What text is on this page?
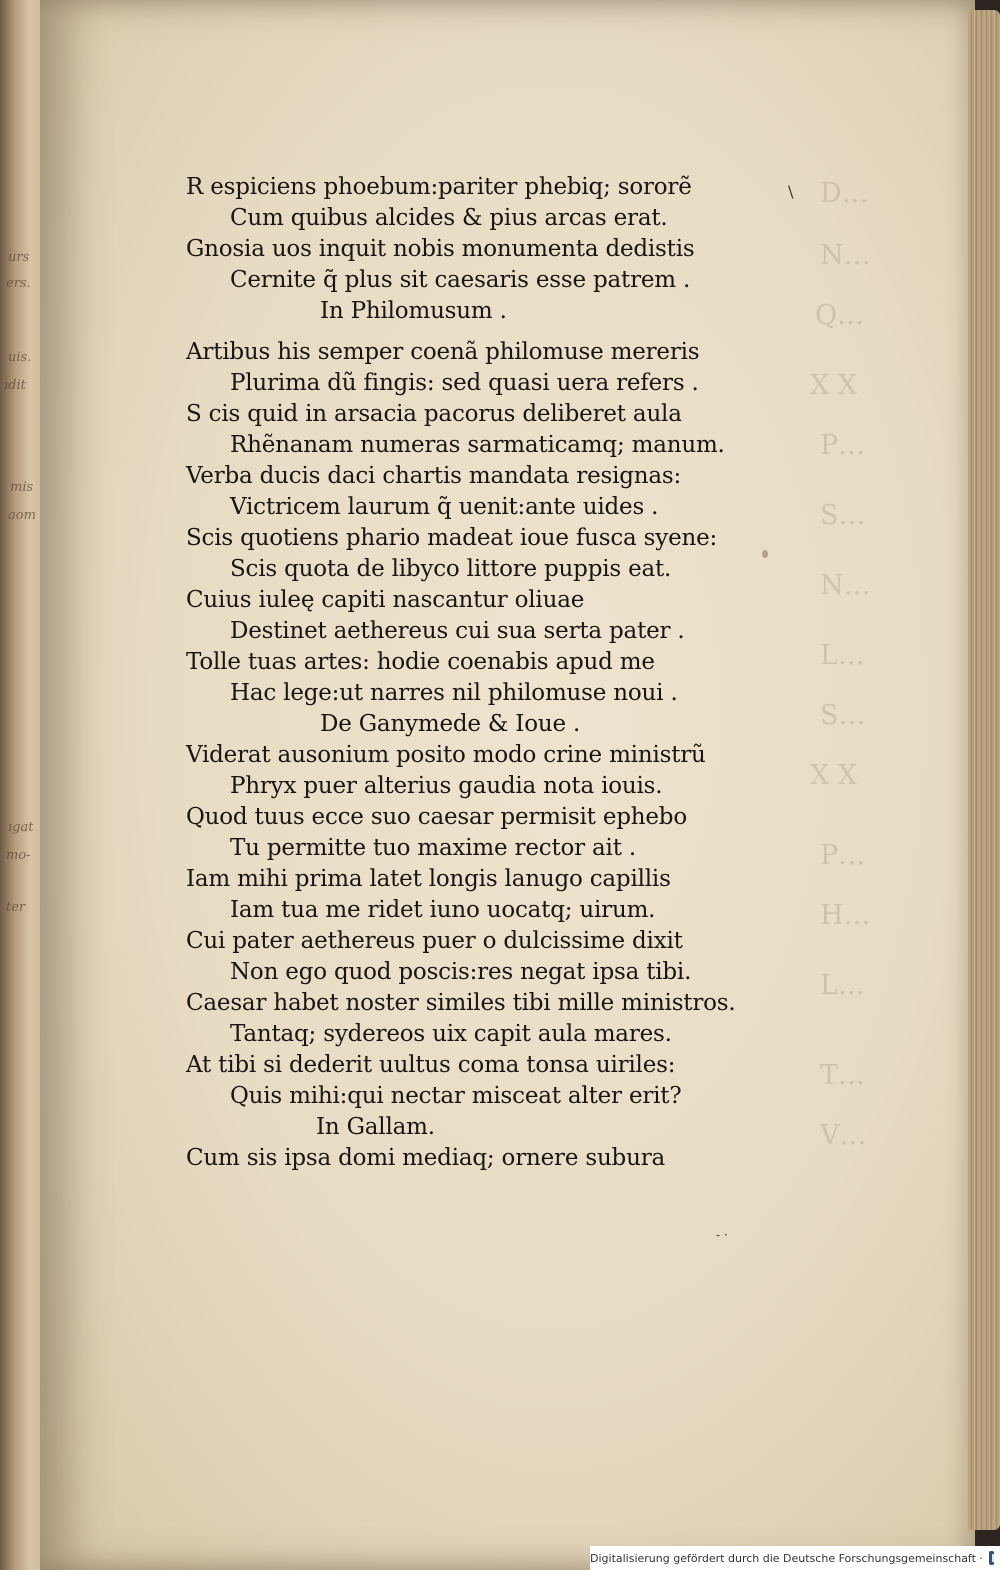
urs
ers.
uis.
ıdit
mis
aom
ıgat
mo-
ter
D…
N…
Q…
X X
P…
S…
N…
L…
S…
X X
P…
H…
L…
T…
V…
\
- ·
R espiciens phoebum:pariter phebiq; sororẽ
Cum quibus alcides & pius arcas erat.
Gnosia uos inquit nobis monumenta dedistis
Cernite q̃ plus sit caesaris esse patrem .
In Philomusum .
Artibus his semper coenã philomuse mereris
Plurima dũ fingis: sed quasi uera refers .
S cis quid in arsacia pacorus deliberet aula
Rhẽnanam numeras sarmaticamq; manum.
Verba ducis daci chartis mandata resignas:
Victricem laurum q̃ uenit:ante uides .
Scis quotiens phario madeat ioue fusca syene:
Scis quota de libyco littore puppis eat.
Cuius iuleę capiti nascantur oliuae
Destinet aethereus cui sua serta pater .
Tolle tuas artes: hodie coenabis apud me
Hac lege:ut narres nil philomuse noui .
De Ganymede & Ioue .
Viderat ausonium posito modo crine ministrũ
Phryx puer alterius gaudia nota iouis.
Quod tuus ecce suo caesar permisit ephebo
Tu permitte tuo maxime rector ait .
Iam mihi prima latet longis lanugo capillis
Iam tua me ridet iuno uocatq; uirum.
Cui pater aethereus puer o dulcissime dixit
Non ego quod poscis:res negat ipsa tibi.
Caesar habet noster similes tibi mille ministros.
Tantaq; sydereos uix capit aula mares.
At tibi si dederit uultus coma tonsa uiriles:
Quis mihi:qui nectar misceat alter erit?
In Gallam.
Cum sis ipsa domi mediaq; ornere subura
Digitalisierung gefördert durch die Deutsche Forschungsgemeinschaft ·
